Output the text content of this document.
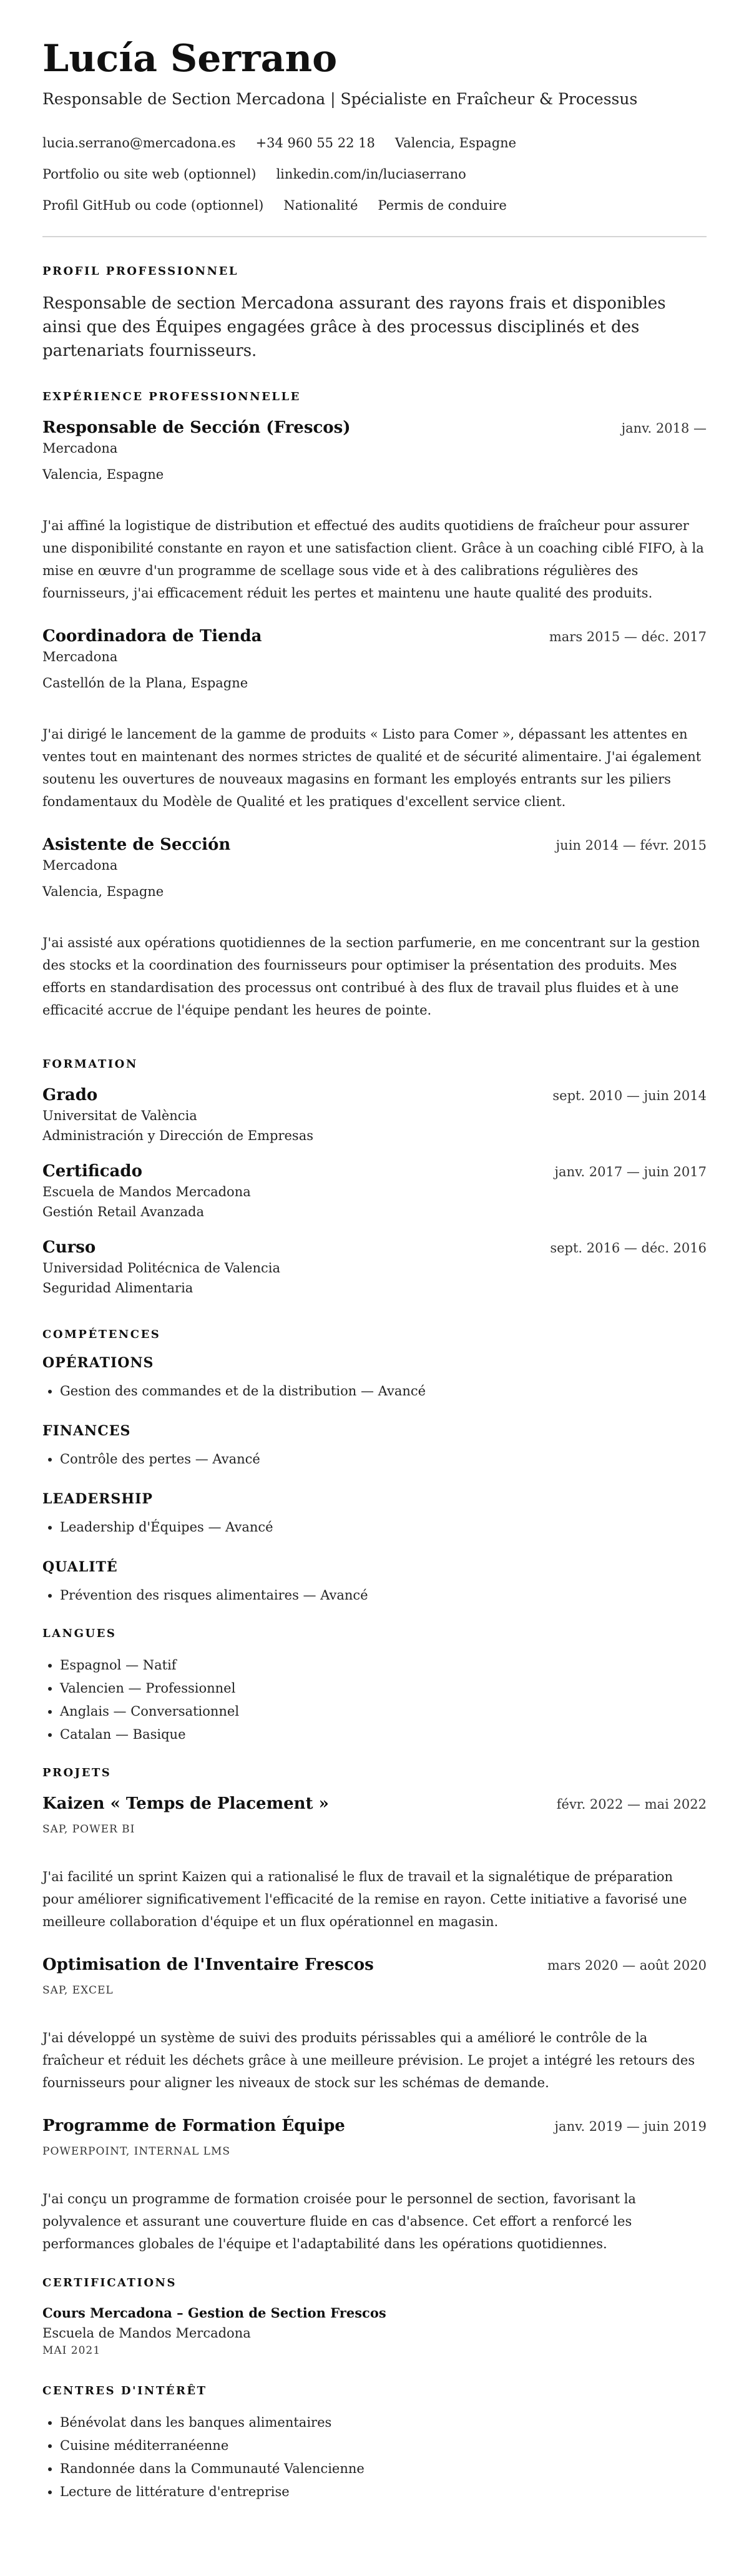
Lucía Serrano
Responsable de Section Mercadona | Spécialiste en Fraîcheur & Processus
lucia.serrano@mercadona.es +34 960 55 22 18 Valencia, Espagne
Portfolio ou site web (optionnel) linkedin.com/in/luciaserrano
Profil GitHub ou code (optionnel) Nationalité Permis de conduire
PROFIL PROFESSIONNEL

Responsable de section Mercadona assurant des rayons frais et disponibles ainsi que des Équipes engagées grâce à des processus disciplinés et des partenariats fournisseurs.

EXPÉRIENCE PROFESSIONNELLE
Responsable de Sección (Frescos)	janv. 2018 —
Mercadona
Valencia, Espagne

J'ai affiné la logistique de distribution et effectué des audits quotidiens de fraîcheur pour assurer une disponibilité constante en rayon et une satisfaction client. Grâce à un coaching ciblé FIFO, à la mise en œuvre d'un programme de scellage sous vide et à des calibrations régulières des fournisseurs, j'ai efficacement réduit les pertes et maintenu une haute qualité des produits.

Coordinadora de Tienda	mars 2015 — déc. 2017
Mercadona
Castellón de la Plana, Espagne

J'ai dirigé le lancement de la gamme de produits « Listo para Comer », dépassant les attentes en ventes tout en maintenant des normes strictes de qualité et de sécurité alimentaire. J'ai également soutenu les ouvertures de nouveaux magasins en formant les employés entrants sur les piliers fondamentaux du Modèle de Qualité et les pratiques d'excellent service client.

Asistente de Sección	juin 2014 — févr. 2015
Mercadona
Valencia, Espagne

J'ai assisté aux opérations quotidiennes de la section parfumerie, en me concentrant sur la gestion des stocks et la coordination des fournisseurs pour optimiser la présentation des produits. Mes efforts en standardisation des processus ont contribué à des flux de travail plus fluides et à une efficacité accrue de l'équipe pendant les heures de pointe.

FORMATION
Grado	sept. 2010 — juin 2014
Universitat de València
Administración y Dirección de Empresas
Certificado	janv. 2017 — juin 2017
Escuela de Mandos Mercadona
Gestión Retail Avanzada
Curso	sept. 2016 — déc. 2016
Universidad Politécnica de Valencia
Seguridad Alimentaria
COMPÉTENCES
OPÉRATIONS
• Gestion des commandes et de la distribution — Avancé
FINANCES
• Contrôle des pertes — Avancé
LEADERSHIP
• Leadership d'Équipes — Avancé
QUALITÉ
• Prévention des risques alimentaires — Avancé
LANGUES
• Espagnol — Natif
• Valencien — Professionnel
• Anglais — Conversationnel
• Catalan — Basique
PROJETS
Kaizen « Temps de Placement »	févr. 2022 — mai 2022
SAP, POWER BI

J'ai facilité un sprint Kaizen qui a rationalisé le flux de travail et la signalétique de préparation pour améliorer significativement l'efficacité de la remise en rayon. Cette initiative a favorisé une meilleure collaboration d'équipe et un flux opérationnel en magasin.

Optimisation de l'Inventaire Frescos	mars 2020 — août 2020
SAP, EXCEL

J'ai développé un système de suivi des produits périssables qui a amélioré le contrôle de la fraîcheur et réduit les déchets grâce à une meilleure prévision. Le projet a intégré les retours des fournisseurs pour aligner les niveaux de stock sur les schémas de demande.

Programme de Formation Équipe	janv. 2019 — juin 2019
POWERPOINT, INTERNAL LMS

J'ai conçu un programme de formation croisée pour le personnel de section, favorisant la polyvalence et assurant une couverture fluide en cas d'absence. Cet effort a renforcé les performances globales de l'équipe et l'adaptabilité dans les opérations quotidiennes.

CERTIFICATIONS
Cours Mercadona – Gestion de Section Frescos
Escuela de Mandos Mercadona
MAI 2021
CENTRES D'INTÉRÊT
• Bénévolat dans les banques alimentaires
• Cuisine méditerranéenne
• Randonnée dans la Communauté Valencienne
• Lecture de littérature d'entreprise
